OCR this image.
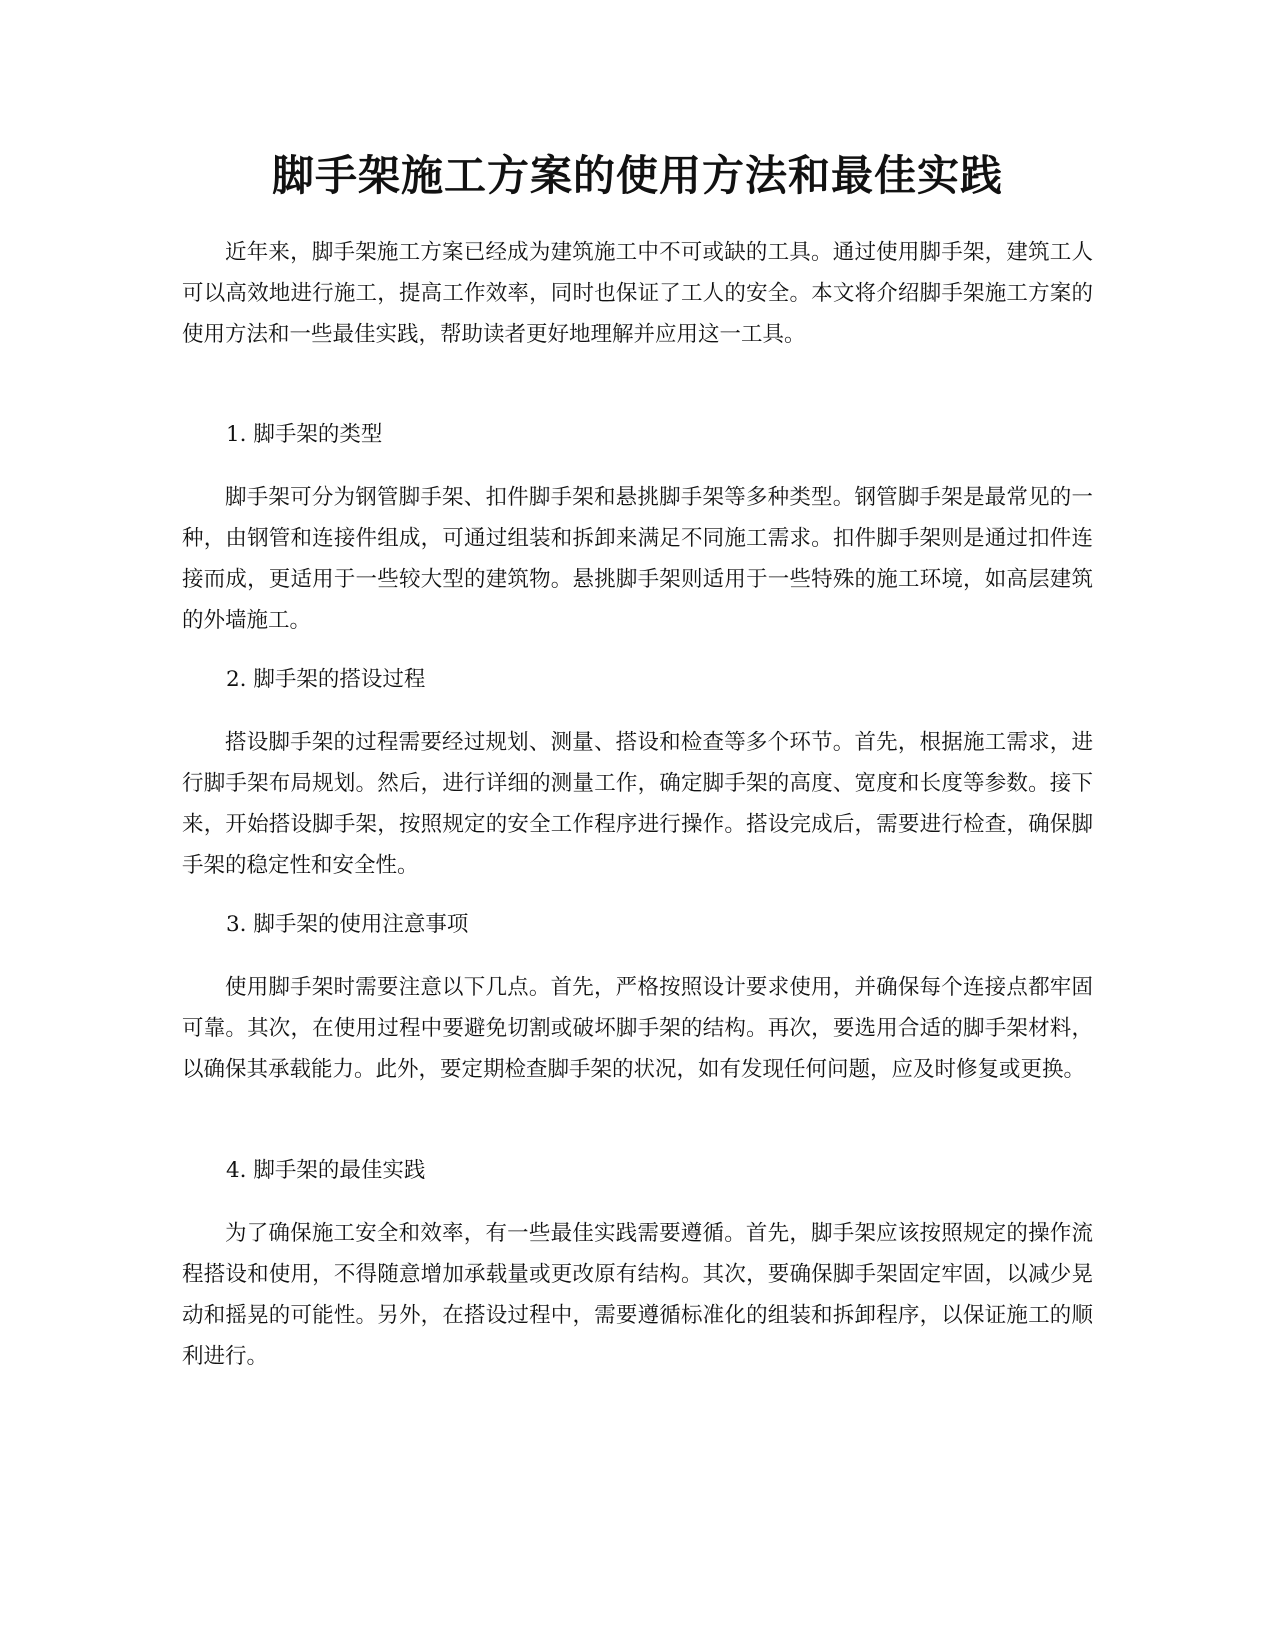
脚手架施工方案的使用方法和最佳实践

近年来，脚手架施工方案已经成为建筑施工中不可或缺的工具。通过使用脚手架，建筑工人可以高效地进行施工，提高工作效率，同时也保证了工人的安全。本文将介绍脚手架施工方案的使用方法和一些最佳实践，帮助读者更好地理解并应用这一工具。

1. 脚手架的类型

脚手架可分为钢管脚手架、扣件脚手架和悬挑脚手架等多种类型。钢管脚手架是最常见的一种，由钢管和连接件组成，可通过组装和拆卸来满足不同施工需求。扣件脚手架则是通过扣件连接而成，更适用于一些较大型的建筑物。悬挑脚手架则适用于一些特殊的施工环境，如高层建筑的外墙施工。

2. 脚手架的搭设过程

搭设脚手架的过程需要经过规划、测量、搭设和检查等多个环节。首先，根据施工需求，进行脚手架布局规划。然后，进行详细的测量工作，确定脚手架的高度、宽度和长度等参数。接下来，开始搭设脚手架，按照规定的安全工作程序进行操作。搭设完成后，需要进行检查，确保脚手架的稳定性和安全性。

3. 脚手架的使用注意事项

使用脚手架时需要注意以下几点。首先，严格按照设计要求使用，并确保每个连接点都牢固可靠。其次，在使用过程中要避免切割或破坏脚手架的结构。再次，要选用合适的脚手架材料，以确保其承载能力。此外，要定期检查脚手架的状况，如有发现任何问题，应及时修复或更换。

4. 脚手架的最佳实践

为了确保施工安全和效率，有一些最佳实践需要遵循。首先，脚手架应该按照规定的操作流程搭设和使用，不得随意增加承载量或更改原有结构。其次，要确保脚手架固定牢固，以减少晃动和摇晃的可能性。另外，在搭设过程中，需要遵循标准化的组装和拆卸程序，以保证施工的顺利进行。
